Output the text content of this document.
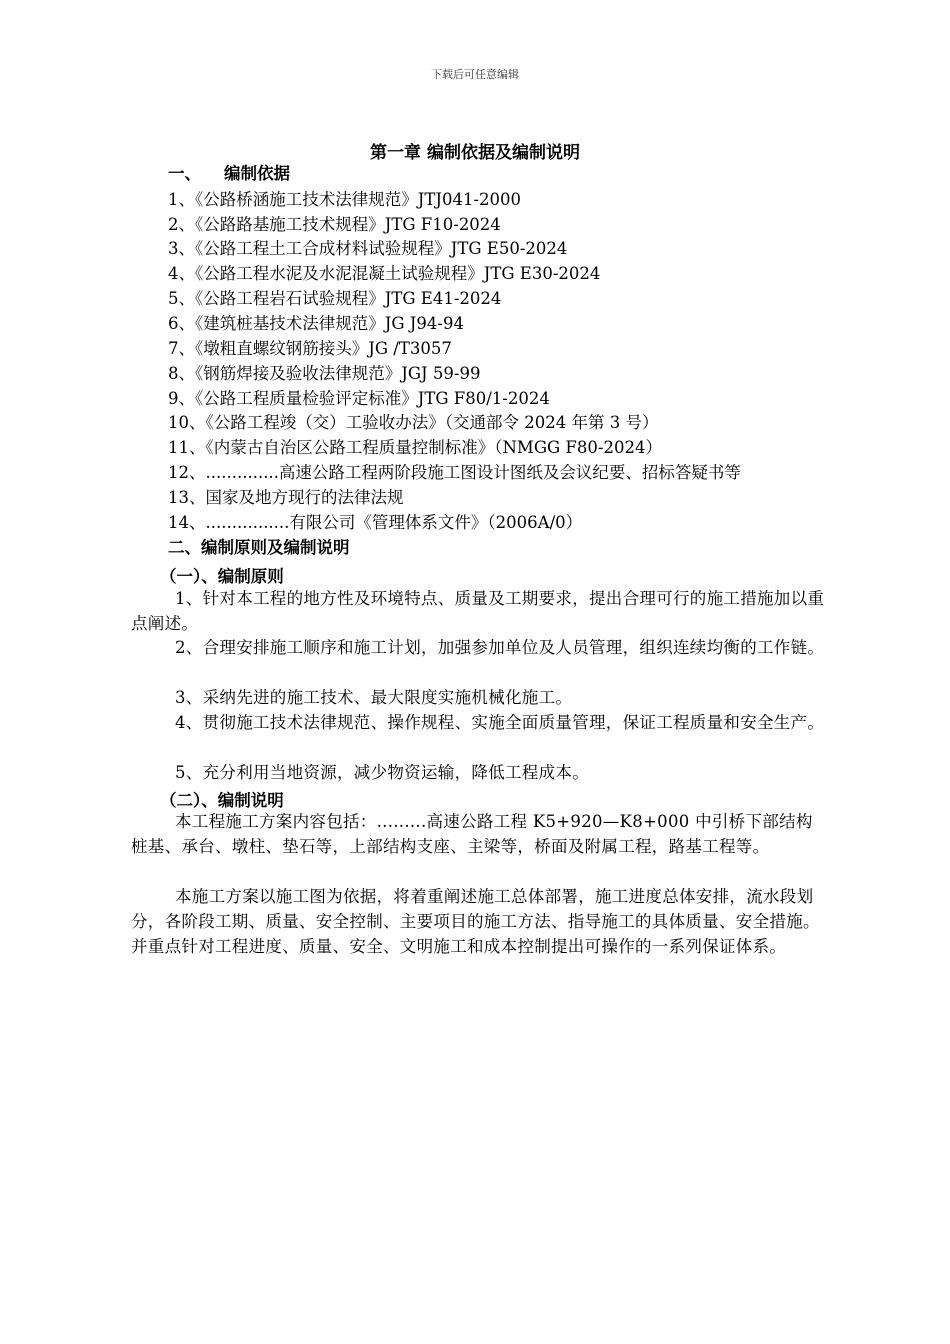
下载后可任意编辑
第一章 编制依据及编制说明
一、    编制依据
1、《公路桥涵施工技术法律规范》JTJ041-2000
2、《公路路基施工技术规程》JTG F10-2024
3、《公路工程土工合成材料试验规程》JTG E50-2024
4、《公路工程水泥及水泥混凝土试验规程》JTG E30-2024
5、《公路工程岩石试验规程》JTG E41-2024
6、《建筑桩基技术法律规范》JG J94-94
7、《墩粗直螺纹钢筋接头》JG /T3057
8、《钢筋焊接及验收法律规范》JGJ 59-99
9、《公路工程质量检验评定标准》JTG F80/1-2024
10、《公路工程竣（交）工验收办法》（交通部令 2024 年第 3 号）
11、《内蒙古自治区公路工程质量控制标准》（NMGG F80-2024）
12、..............高速公路工程两阶段施工图设计图纸及会议纪要、招标答疑书等
13、国家及地方现行的法律法规
14、................有限公司《管理体系文件》（2006A/0）
二、编制原则及编制说明
（一）、编制原则
1、针对本工程的地方性及环境特点、质量及工期要求，提出合理可行的施工措施加以重点阐述。
2、合理安排施工顺序和施工计划，加强参加单位及人员管理，组织连续均衡的工作链。
3、采纳先进的施工技术、最大限度实施机械化施工。
4、贯彻施工技术法律规范、操作规程、实施全面质量管理，保证工程质量和安全生产。
5、充分利用当地资源，减少物资运输，降低工程成本。
（二）、编制说明
本工程施工方案内容包括：.........高速公路工程 K5+920—K8+000 中引桥下部结构桩基、承台、墩柱、垫石等，上部结构支座、主梁等，桥面及附属工程，路基工程等。
本施工方案以施工图为依据，将着重阐述施工总体部署，施工进度总体安排，流水段划分，各阶段工期、质量、安全控制、主要项目的施工方法、指导施工的具体质量、安全措施。并重点针对工程进度、质量、安全、文明施工和成本控制提出可操作的一系列保证体系。
